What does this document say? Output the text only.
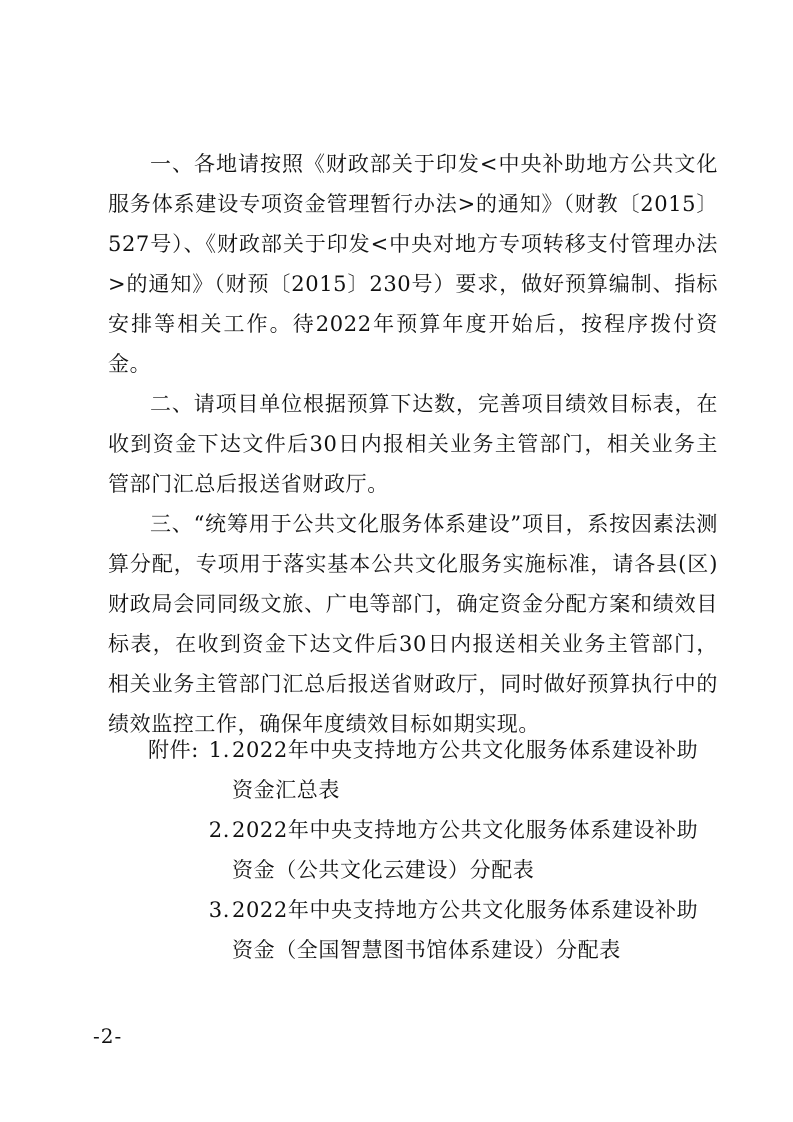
一、各地请按照《财政部关于印发<中央补助地方公共文化服务体系建设专项资金管理暂行办法>的通知》（财教〔2015〕527号）、《财政部关于印发<中央对地方专项转移支付管理办法>的通知》（财预〔2015〕230号）要求，做好预算编制、指标安排等相关工作。待2022年预算年度开始后，按程序拨付资金。

二、请项目单位根据预算下达数，完善项目绩效目标表，在收到资金下达文件后30日内报相关业务主管部门，相关业务主管部门汇总后报送省财政厅。

三、“统筹用于公共文化服务体系建设”项目，系按因素法测算分配，专项用于落实基本公共文化服务实施标准，请各县(区)财政局会同同级文旅、广电等部门，确定资金分配方案和绩效目标表，在收到资金下达文件后30日内报送相关业务主管部门，相关业务主管部门汇总后报送省财政厅，同时做好预算执行中的绩效监控工作，确保年度绩效目标如期实现。

附件: 1.2022年中央支持地方公共文化服务体系建设补助资金汇总表
2.2022年中央支持地方公共文化服务体系建设补助资金（公共文化云建设）分配表
3.2022年中央支持地方公共文化服务体系建设补助资金（全国智慧图书馆体系建设）分配表
-2-
